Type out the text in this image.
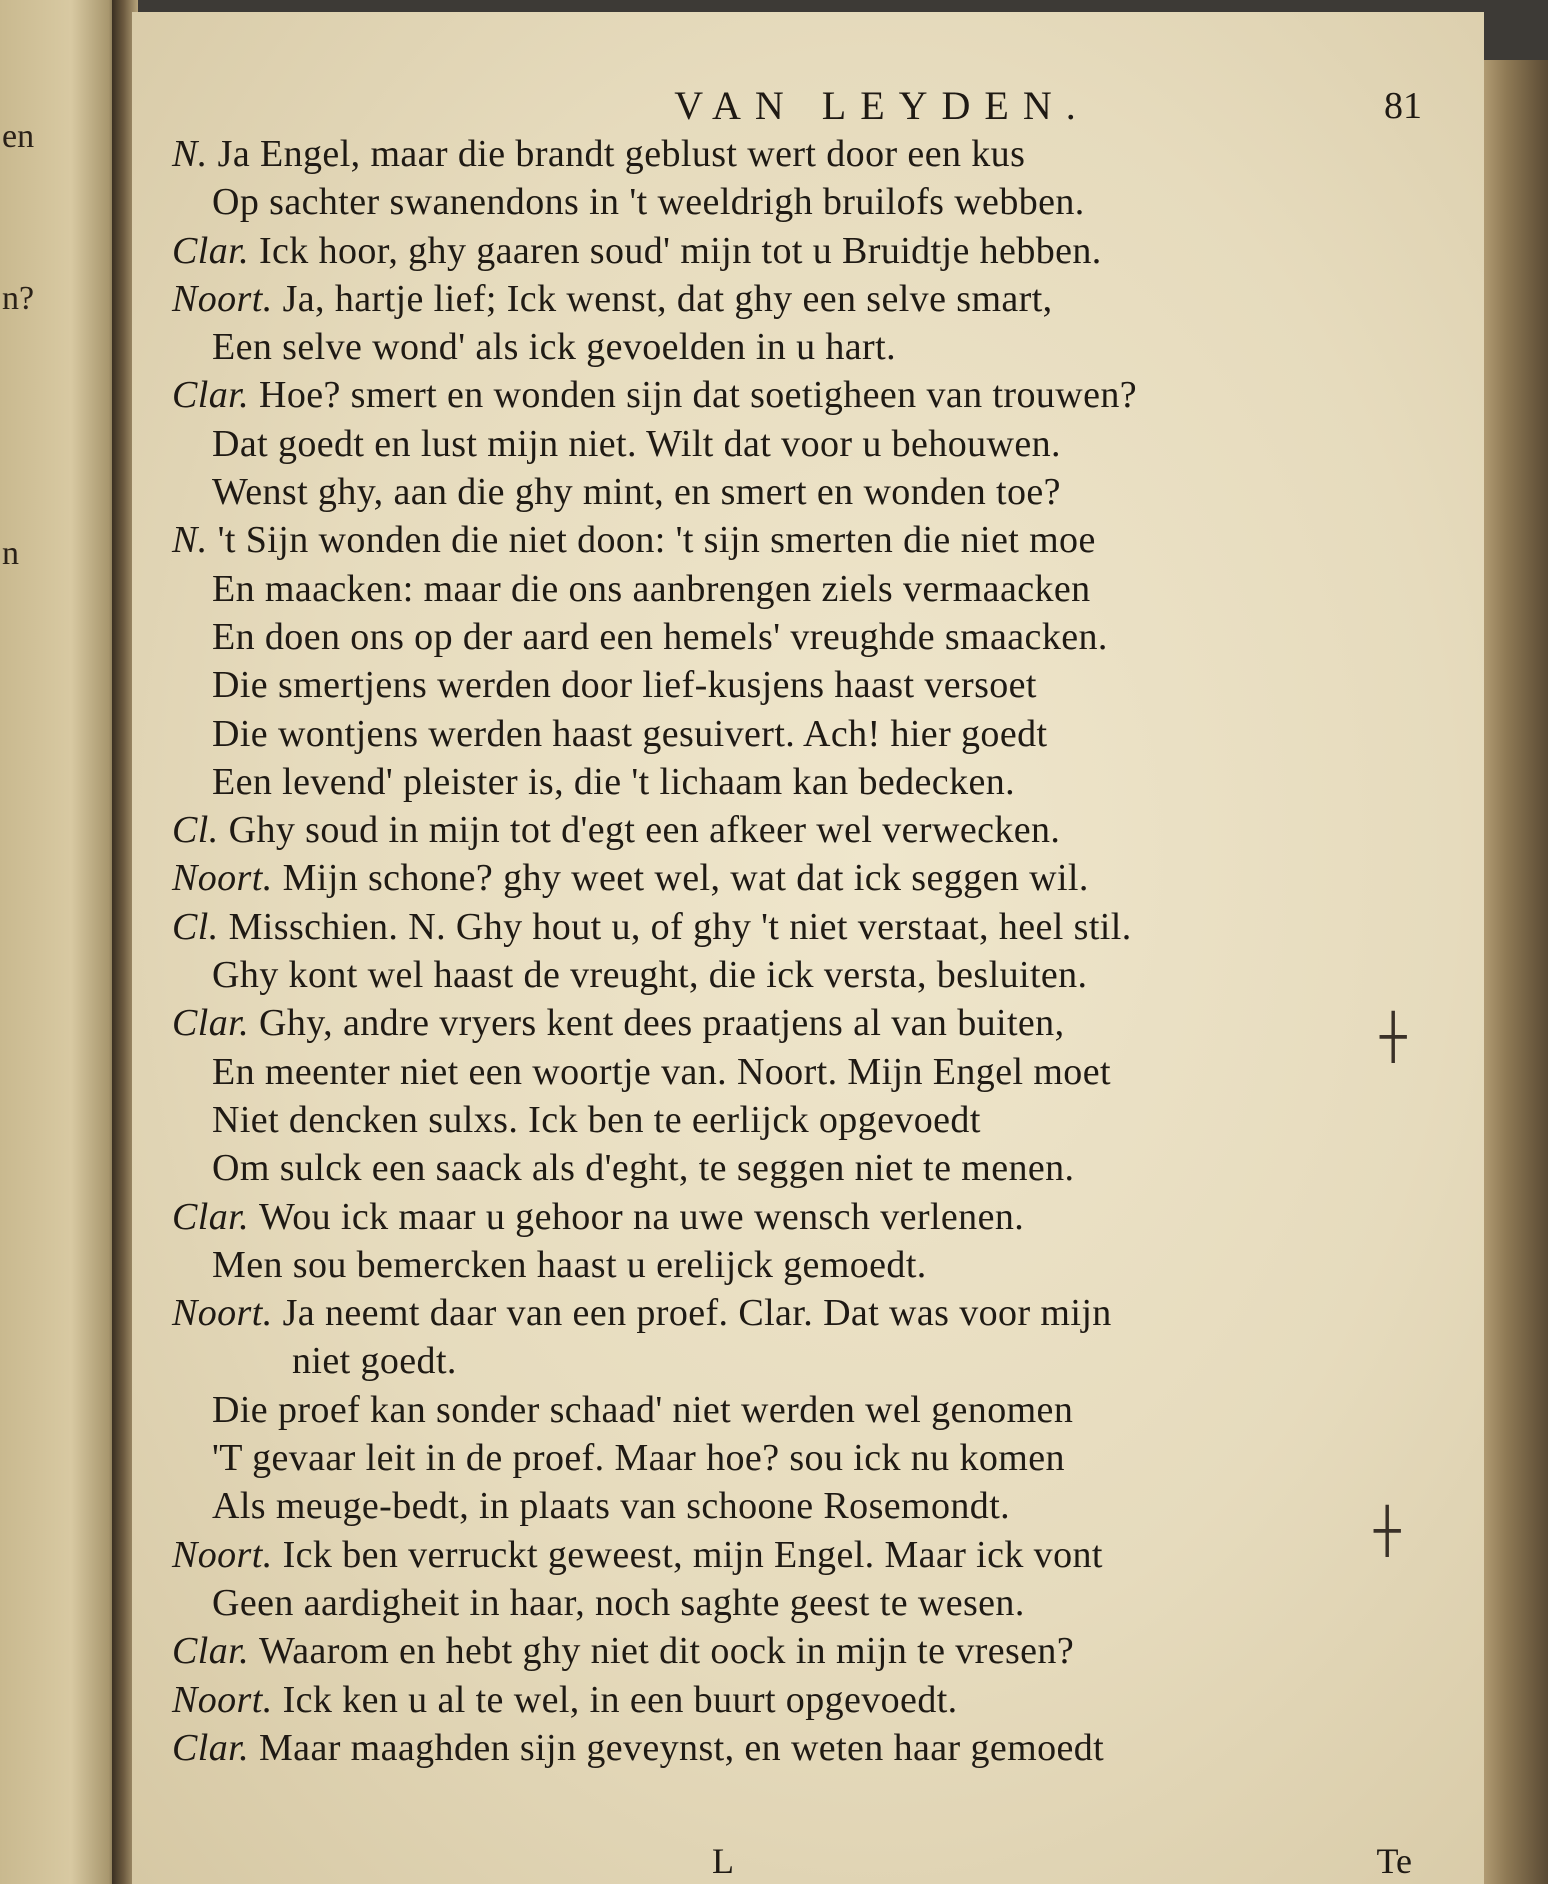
en
n?
n
VAN LEYDEN.	81
N. Ja Engel, maar die brandt geblust wert door een kus
Op sachter swanendons in 't weeldrigh bruilofs webben.
Clar. Ick hoor, ghy gaaren soud' mijn tot u Bruidtje hebben.
Noort. Ja, hartje lief; Ick wenst, dat ghy een selve smart,
Een selve wond' als ick gevoelden in u hart.
Clar. Hoe? smert en wonden sijn dat soetigheen van trouwen?
Dat goedt en lust mijn niet. Wilt dat voor u behouwen.
Wenst ghy, aan die ghy mint, en smert en wonden toe?
N. 't Sijn wonden die niet doon: 't sijn smerten die niet moe
En maacken: maar die ons aanbrengen ziels vermaacken
En doen ons op der aard een hemels' vreughde smaacken.
Die smertjens werden door lief-kusjens haast versoet
Die wontjens werden haast gesuivert. Ach! hier goedt
Een levend' pleister is, die 't lichaam kan bedecken.
Cl. Ghy soud in mijn tot d'egt een afkeer wel verwecken.
Noort. Mijn schone? ghy weet wel, wat dat ick seggen wil.
Cl. Misschien. N. Ghy hout u, of ghy 't niet verstaat, heel stil.
Ghy kont wel haast de vreught, die ick versta, besluiten.
Clar. Ghy, andre vryers kent dees praatjens al van buiten,
En meenter niet een woortje van. Noort. Mijn Engel moet
Niet dencken sulxs. Ick ben te eerlijck opgevoedt
Om sulck een saack als d'eght, te seggen niet te menen.
Clar. Wou ick maar u gehoor na uwe wensch verlenen.
Men sou bemercken haast u erelijck gemoedt.
Noort. Ja neemt daar van een proef. Clar. Dat was voor mijn
niet goedt.
Die proef kan sonder schaad' niet werden wel genomen
'T gevaar leit in de proef. Maar hoe? sou ick nu komen
Als meuge-bedt, in plaats van schoone Rosemondt.
Noort. Ick ben verruckt geweest, mijn Engel. Maar ick vont
Geen aardigheit in haar, noch saghte geest te wesen.
Clar. Waarom en hebt ghy niet dit oock in mijn te vresen?
Noort. Ick ken u al te wel, in een buurt opgevoedt.
Clar. Maar maaghden sijn geveynst, en weten haar gemoedt
L	Te
┼
┼
